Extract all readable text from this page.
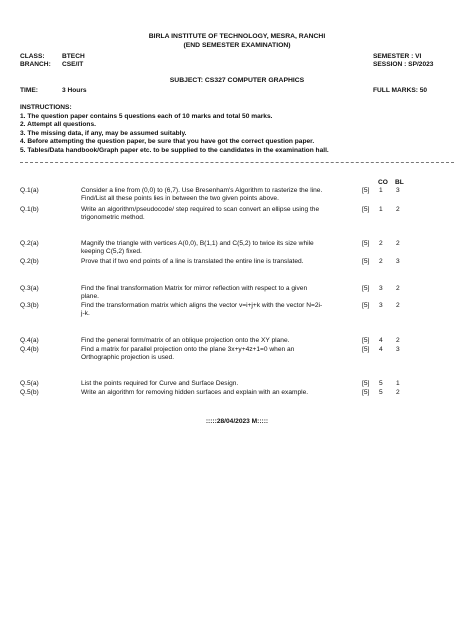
BIRLA INSTITUTE OF TECHNOLOGY, MESRA, RANCHI
(END SEMESTER EXAMINATION)
CLASS:	BTECH	SEMESTER : VI
BRANCH: CSE/IT	SESSION : SP/2023
SUBJECT: CS327 COMPUTER GRAPHICS
TIME:	3 Hours	FULL MARKS: 50
INSTRUCTIONS:
1. The question paper contains 5 questions each of 10 marks and total 50 marks.
2. Attempt all questions.
3. The missing data, if any, may be assumed suitably.
4. Before attempting the question paper, be sure that you have got the correct question paper.
5. Tables/Data handbook/Graph paper etc. to be supplied to the candidates in the examination hall.
CO BL
Q.1(a)	Consider a line from (0,0) to (6,7). Use Bresenham's Algorithm to rasterize the line.
Find/List all these points lies in between the two given points above.
[5] 1 3
Q.1(b)	Write an algorithm/pseudocode/ step required to scan convert an ellipse using the
trigonometric method.
[5] 1 2
Q.2(a)	Magnify the triangle with vertices A(0,0), B(1,1) and C(5,2) to twice its size while
keeping C(5,2) fixed.
[5] 2 2
Q.2(b)	Prove that if two end points of a line is translated the entire line is translated.	[5] 2 3
Q.3(a)	Find the final transformation Matrix for mirror reflection with respect to a given
plane.
[5] 3 2
Q.3(b)	Find the transformation matrix which aligns the vector v=i+j+k with the vector N=2i-
j-k.
[5] 3 2
Q.4(a)	Find the general form/matrix of an oblique projection onto the XY plane.	[5] 4 2
Q.4(b)	Find a matrix for parallel projection onto the plane 3x+y+4z+1=0 when an
Orthographic projection is used.
[5] 4 3
Q.5(a)	List the points required for Curve and Surface Design.	[5] 5 1
Q.5(b)	Write an algorithm for removing hidden surfaces and explain with an example.	[5] 5 2
:::::28/04/2023 M:::::
